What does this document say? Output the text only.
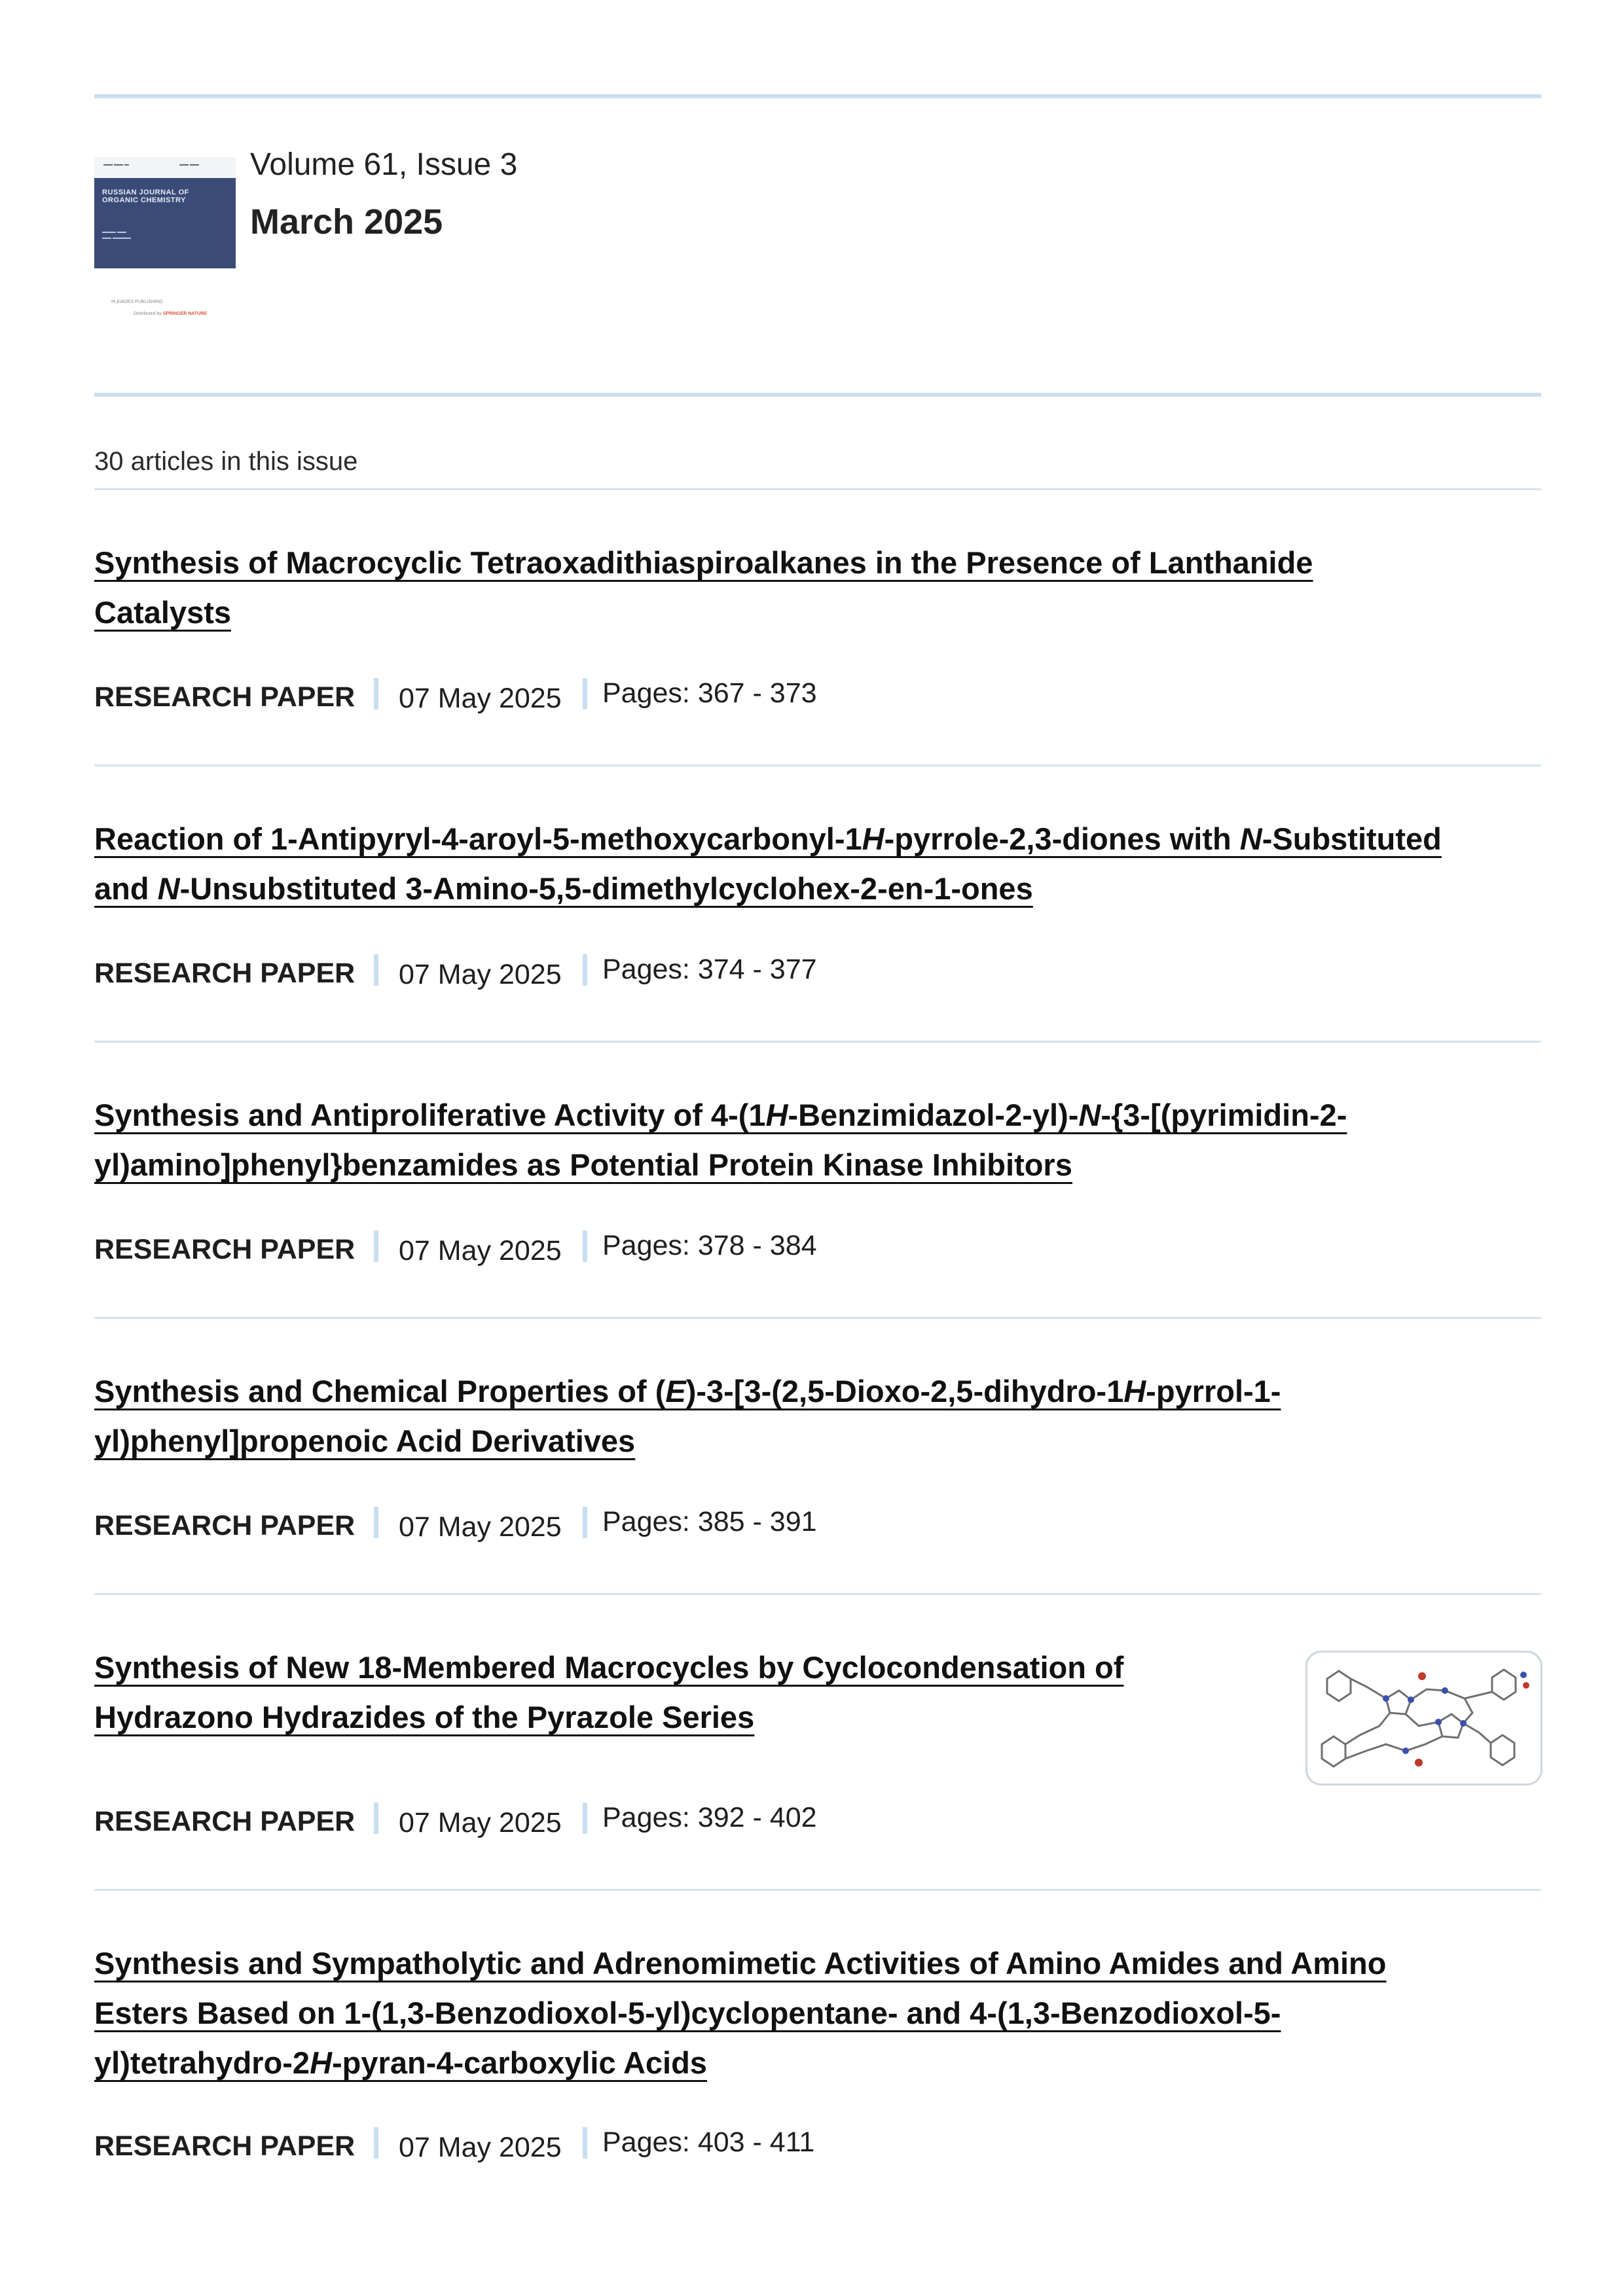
▬▬ ▬▬ ▬	▬▬ ▬▬
RUSSIAN JOURNAL OF ORGANIC CHEMISTRY
▬▬▬ ▬▬
▬▬ ▬▬▬▬
PLEIADES PUBLISHING
Distributed by SPRINGER NATURE
Volume 61, Issue 3
March 2025
30 articles in this issue
Synthesis of Macrocyclic Tetraoxadithiaspiroalkanes in the Presence of Lanthanide
Catalysts
RESEARCH PAPER 07 May 2025 Pages: 367 - 373
Reaction of 1-Antipyryl-4-aroyl-5-methoxycarbonyl-1H-pyrrole-2,3-diones with N-Substituted
and N-Unsubstituted 3-Amino-5,5-dimethylcyclohex-2-en-1-ones
RESEARCH PAPER 07 May 2025 Pages: 374 - 377
Synthesis and Antiproliferative Activity of 4-(1H-Benzimidazol-2-yl)-N-{3-[(pyrimidin-2-
yl)amino]phenyl}benzamides as Potential Protein Kinase Inhibitors
RESEARCH PAPER 07 May 2025 Pages: 378 - 384
Synthesis and Chemical Properties of (E)-3-[3-(2,5-Dioxo-2,5-dihydro-1H-pyrrol-1-
yl)phenyl]propenoic Acid Derivatives
RESEARCH PAPER 07 May 2025 Pages: 385 - 391
Synthesis of New 18-Membered Macrocycles by Cyclocondensation of
Hydrazono Hydrazides of the Pyrazole Series
RESEARCH PAPER 07 May 2025 Pages: 392 - 402
Synthesis and Sympatholytic and Adrenomimetic Activities of Amino Amides and Amino
Esters Based on 1-(1,3-Benzodioxol-5-yl)cyclopentane- and 4-(1,3-Benzodioxol-5-
yl)tetrahydro-2H-pyran-4-carboxylic Acids
RESEARCH PAPER 07 May 2025 Pages: 403 - 411
